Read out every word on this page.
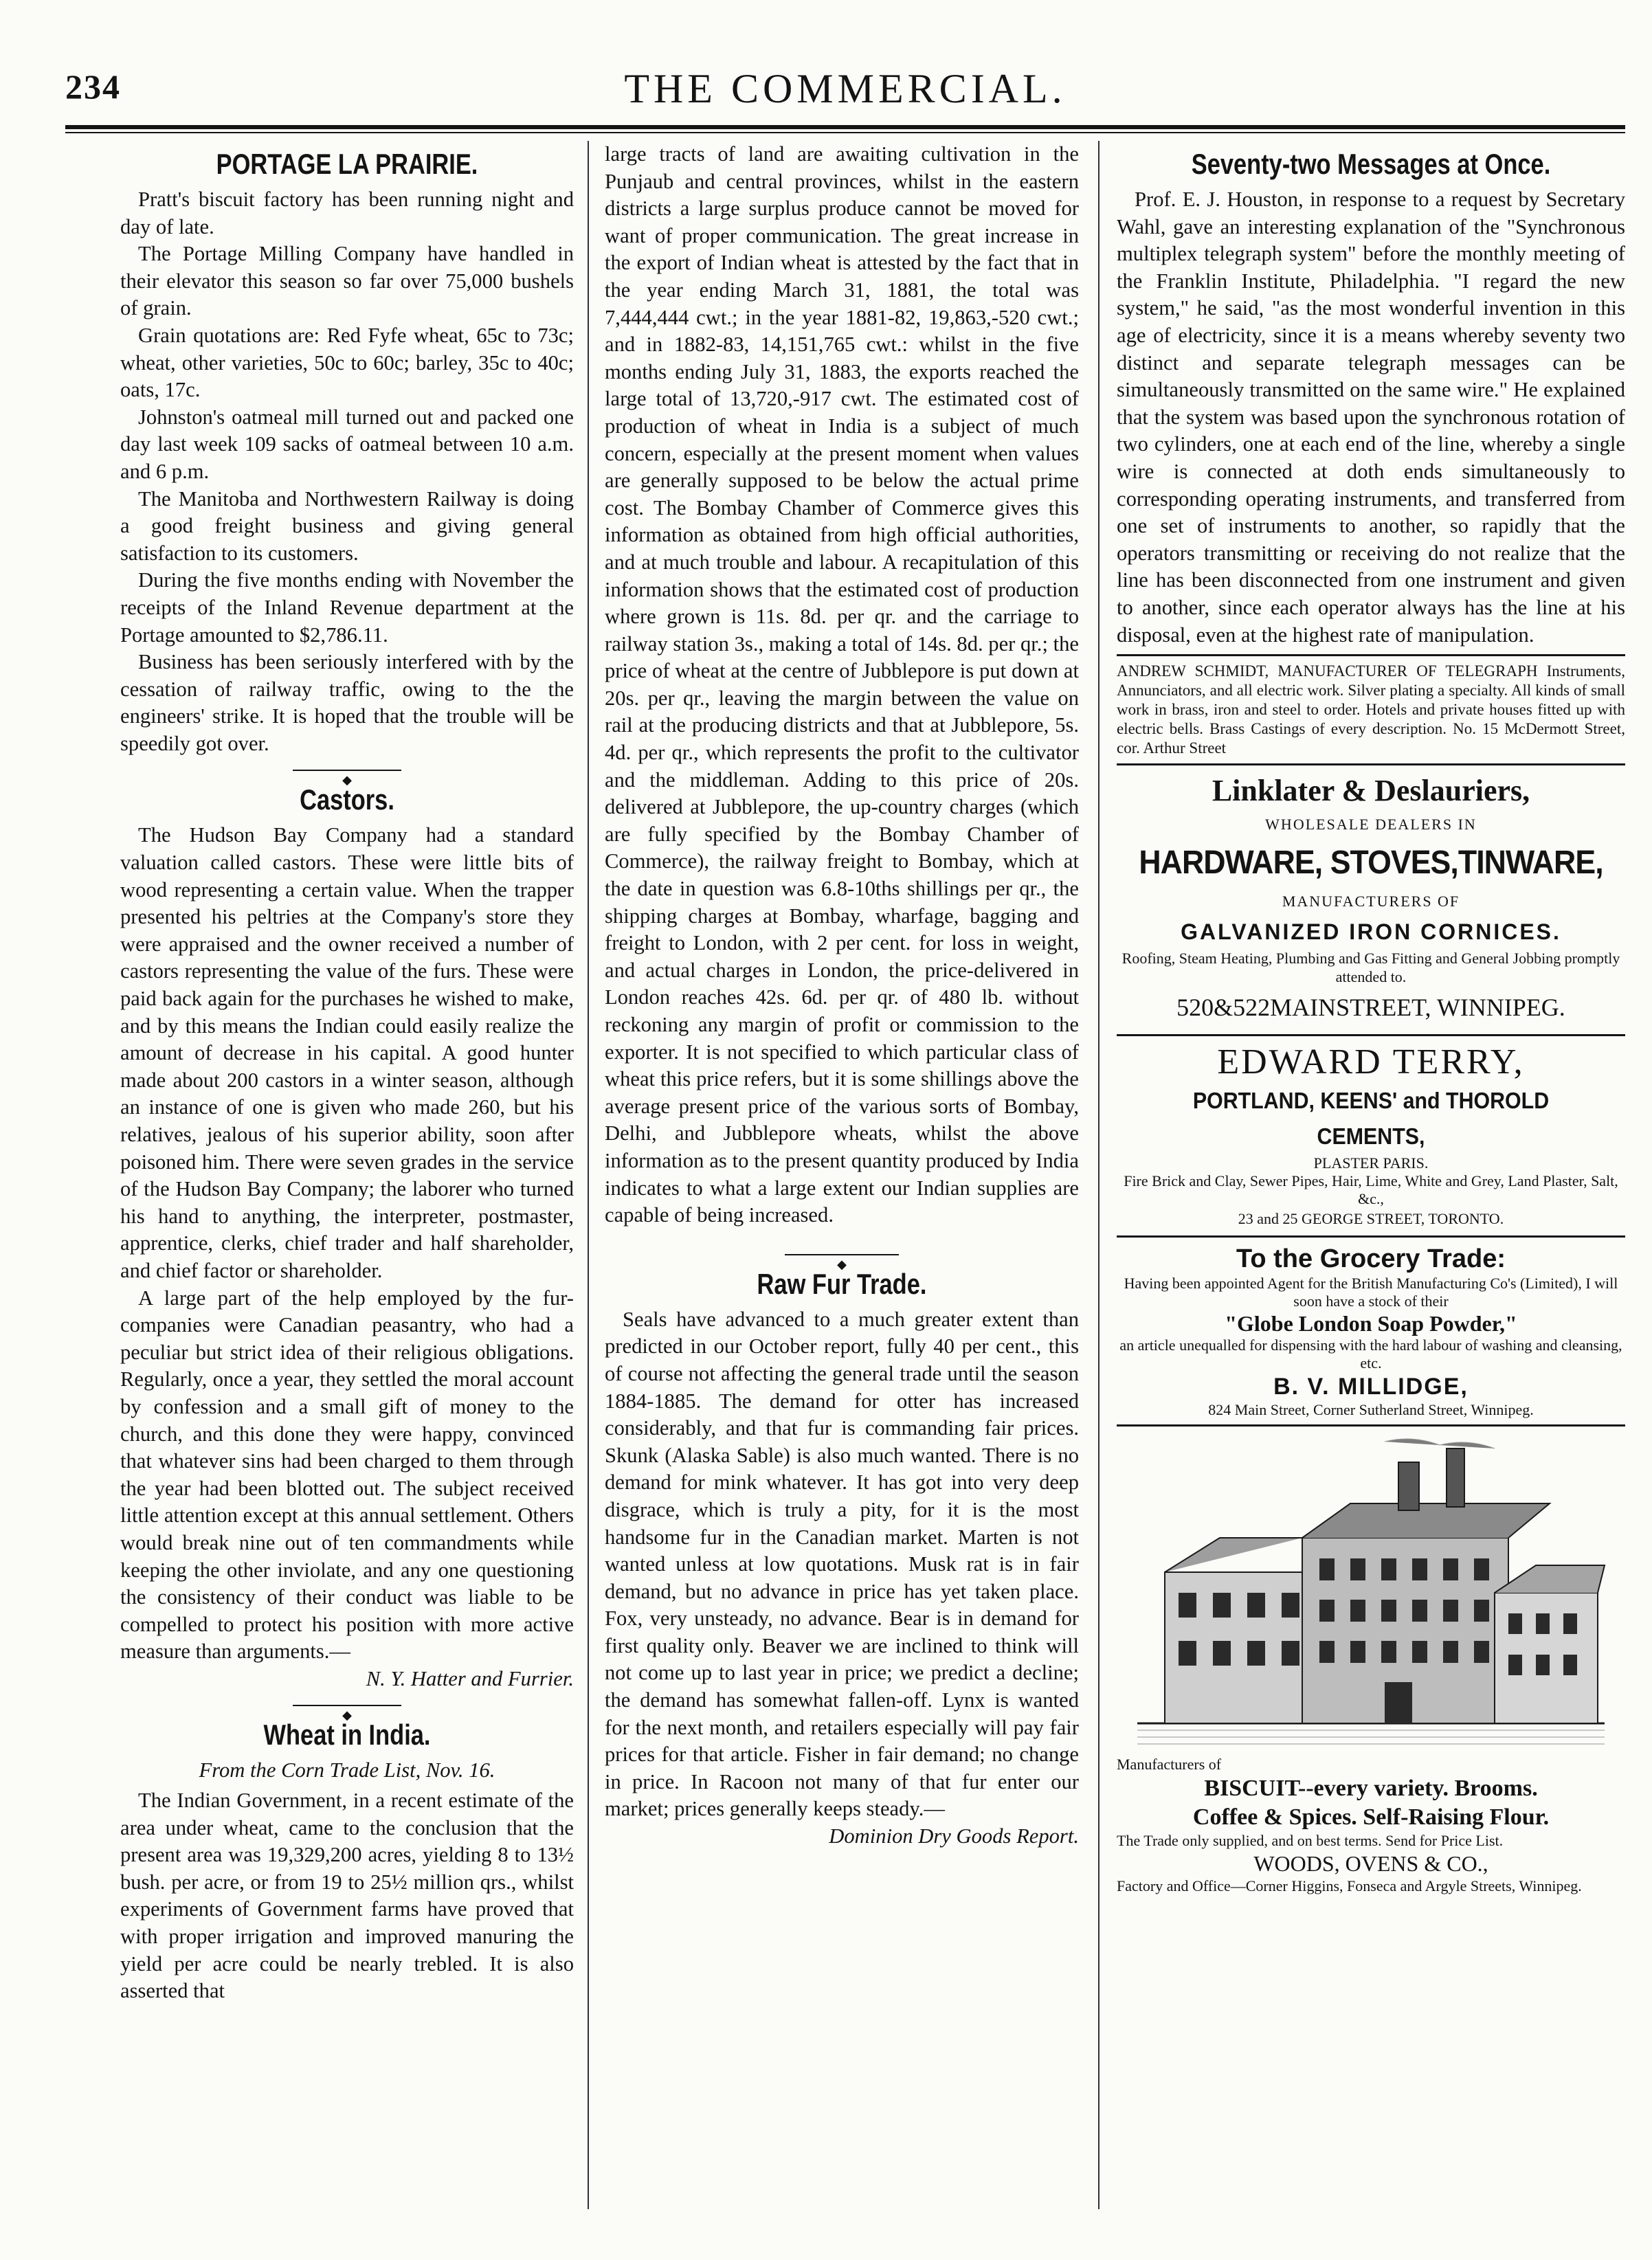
234	THE COMMERCIAL.
PORTAGE LA PRAIRIE.

Pratt's biscuit factory has been running night and day of late.

The Portage Milling Company have handled in their elevator this season so far over 75,000 bushels of grain.

Grain quotations are: Red Fyfe wheat, 65c to 73c; wheat, other varieties, 50c to 60c; barley, 35c to 40c; oats, 17c.

Johnston's oatmeal mill turned out and packed one day last week 109 sacks of oatmeal between 10 a.m. and 6 p.m.

The Manitoba and Northwestern Railway is doing a good freight business and giving general satisfaction to its customers.

During the five months ending with November the receipts of the Inland Revenue department at the Portage amounted to $2,786.11.

Business has been seriously interfered with by the cessation of railway traffic, owing to the the engineers' strike. It is hoped that the trouble will be speedily got over.

◆
Castors.

The Hudson Bay Company had a standard valuation called castors. These were little bits of wood representing a certain value. When the trapper presented his peltries at the Company's store they were appraised and the owner received a number of castors representing the value of the furs. These were paid back again for the purchases he wished to make, and by this means the Indian could easily realize the amount of decrease in his capital. A good hunter made about 200 castors in a winter season, although an instance of one is given who made 260, but his relatives, jealous of his superior ability, soon after poisoned him. There were seven grades in the service of the Hudson Bay Company; the laborer who turned his hand to anything, the interpreter, postmaster, apprentice, clerks, chief trader and half shareholder, and chief factor or shareholder.

A large part of the help employed by the fur-companies were Canadian peasantry, who had a peculiar but strict idea of their religious obligations. Regularly, once a year, they settled the moral account by confession and a small gift of money to the church, and this done they were happy, convinced that whatever sins had been charged to them through the year had been blotted out. The subject received little attention except at this annual settlement. Others would break nine out of ten commandments while keeping the other inviolate, and any one questioning the consistency of their conduct was liable to be compelled to protect his position with more active measure than arguments.—

N. Y. Hatter and Furrier.
◆
Wheat in India.
From the Corn Trade List, Nov. 16.

The Indian Government, in a recent estimate of the area under wheat, came to the conclusion that the present area was 19,329,200 acres, yielding 8 to 13½ bush. per acre, or from 19 to 25½ million qrs., whilst experiments of Government farms have proved that with proper irrigation and improved manuring the yield per acre could be nearly trebled. It is also asserted that

large tracts of land are awaiting cultivation in the Punjaub and central provinces, whilst in the eastern districts a large surplus produce cannot be moved for want of proper communication. The great increase in the export of Indian wheat is attested by the fact that in the year ending March 31, 1881, the total was 7,444,444 cwt.; in the year 1881-82, 19,863,-520 cwt.; and in 1882-83, 14,151,765 cwt.: whilst in the five months ending July 31, 1883, the exports reached the large total of 13,720,-917 cwt. The estimated cost of production of wheat in India is a subject of much concern, especially at the present moment when values are generally supposed to be below the actual prime cost. The Bombay Chamber of Commerce gives this information as obtained from high official authorities, and at much trouble and labour. A recapitulation of this information shows that the estimated cost of production where grown is 11s. 8d. per qr. and the carriage to railway station 3s., making a total of 14s. 8d. per qr.; the price of wheat at the centre of Jubblepore is put down at 20s. per qr., leaving the margin between the value on rail at the producing districts and that at Jubblepore, 5s. 4d. per qr., which represents the profit to the cultivator and the middleman. Adding to this price of 20s. delivered at Jubblepore, the up-country charges (which are fully specified by the Bombay Chamber of Commerce), the railway freight to Bombay, which at the date in question was 6.8-10ths shillings per qr., the shipping charges at Bombay, wharfage, bagging and freight to London, with 2 per cent. for loss in weight, and actual charges in London, the price-delivered in London reaches 42s. 6d. per qr. of 480 lb. without reckoning any margin of profit or commission to the exporter. It is not specified to which particular class of wheat this price refers, but it is some shillings above the average present price of the various sorts of Bombay, Delhi, and Jubblepore wheats, whilst the above information as to the present quantity produced by India indicates to what a large extent our Indian supplies are capable of being increased.

◆
Raw Fur Trade.

Seals have advanced to a much greater extent than predicted in our October report, fully 40 per cent., this of course not affecting the general trade until the season 1884-1885. The demand for otter has increased considerably, and that fur is commanding fair prices. Skunk (Alaska Sable) is also much wanted. There is no demand for mink whatever. It has got into very deep disgrace, which is truly a pity, for it is the most handsome fur in the Canadian market. Marten is not wanted unless at low quotations. Musk rat is in fair demand, but no advance in price has yet taken place. Fox, very unsteady, no advance. Bear is in demand for first quality only. Beaver we are inclined to think will not come up to last year in price; we predict a decline; the demand has somewhat fallen-off. Lynx is wanted for the next month, and retailers especially will pay fair prices for that article. Fisher in fair demand; no change in price. In Racoon not many of that fur enter our market; prices generally keeps steady.—

Dominion Dry Goods Report.
Seventy-two Messages at Once.

Prof. E. J. Houston, in response to a request by Secretary Wahl, gave an interesting explanation of the "Synchronous multiplex telegraph system" before the monthly meeting of the Franklin Institute, Philadelphia. "I regard the new system," he said, "as the most wonderful invention in this age of electricity, since it is a means whereby seventy two distinct and separate telegraph messages can be simultaneously transmitted on the same wire." He explained that the system was based upon the synchronous rotation of two cylinders, one at each end of the line, whereby a single wire is connected at doth ends simultaneously to corresponding operating instruments, and transferred from one set of instruments to another, so rapidly that the operators transmitting or receiving do not realize that the line has been disconnected from one instrument and given to another, since each operator always has the line at his disposal, even at the highest rate of manipulation.

ANDREW SCHMIDT, MANUFACTURER OF TELEGRAPH Instruments, Annunciators, and all electric work. Silver plating a specialty. All kinds of small work in brass, iron and steel to order. Hotels and private houses fitted up with electric bells. Brass Castings of every description. No. 15 McDermott Street, cor. Arthur Street
Linklater & Deslauriers,
WHOLESALE DEALERS IN
HARDWARE, STOVES,TINWARE,
MANUFACTURERS OF
GALVANIZED IRON CORNICES.
Roofing, Steam Heating, Plumbing and Gas Fitting and General Jobbing promptly attended to.
520&522MAINSTREET, WINNIPEG.
EDWARD TERRY,
PORTLAND, KEENS' and THOROLD CEMENTS,
PLASTER PARIS.
Fire Brick and Clay, Sewer Pipes, Hair, Lime, White and Grey, Land Plaster, Salt, &c.,
23 and 25 GEORGE STREET, TORONTO.
To the Grocery Trade:
Having been appointed Agent for the British Manufacturing Co's (Limited), I will soon have a stock of their
"Globe London Soap Powder,"
an article unequalled for dispensing with the hard labour of washing and cleansing, etc.
B. V. MILLIDGE,
824 Main Street, Corner Sutherland Street, Winnipeg.
Manufacturers of
BISCUIT--every variety. Brooms.
Coffee & Spices. Self-Raising Flour.
The Trade only supplied, and on best terms. Send for Price List.
WOODS, OVENS & CO.,
Factory and Office—Corner Higgins, Fonseca and Argyle Streets, Winnipeg.
